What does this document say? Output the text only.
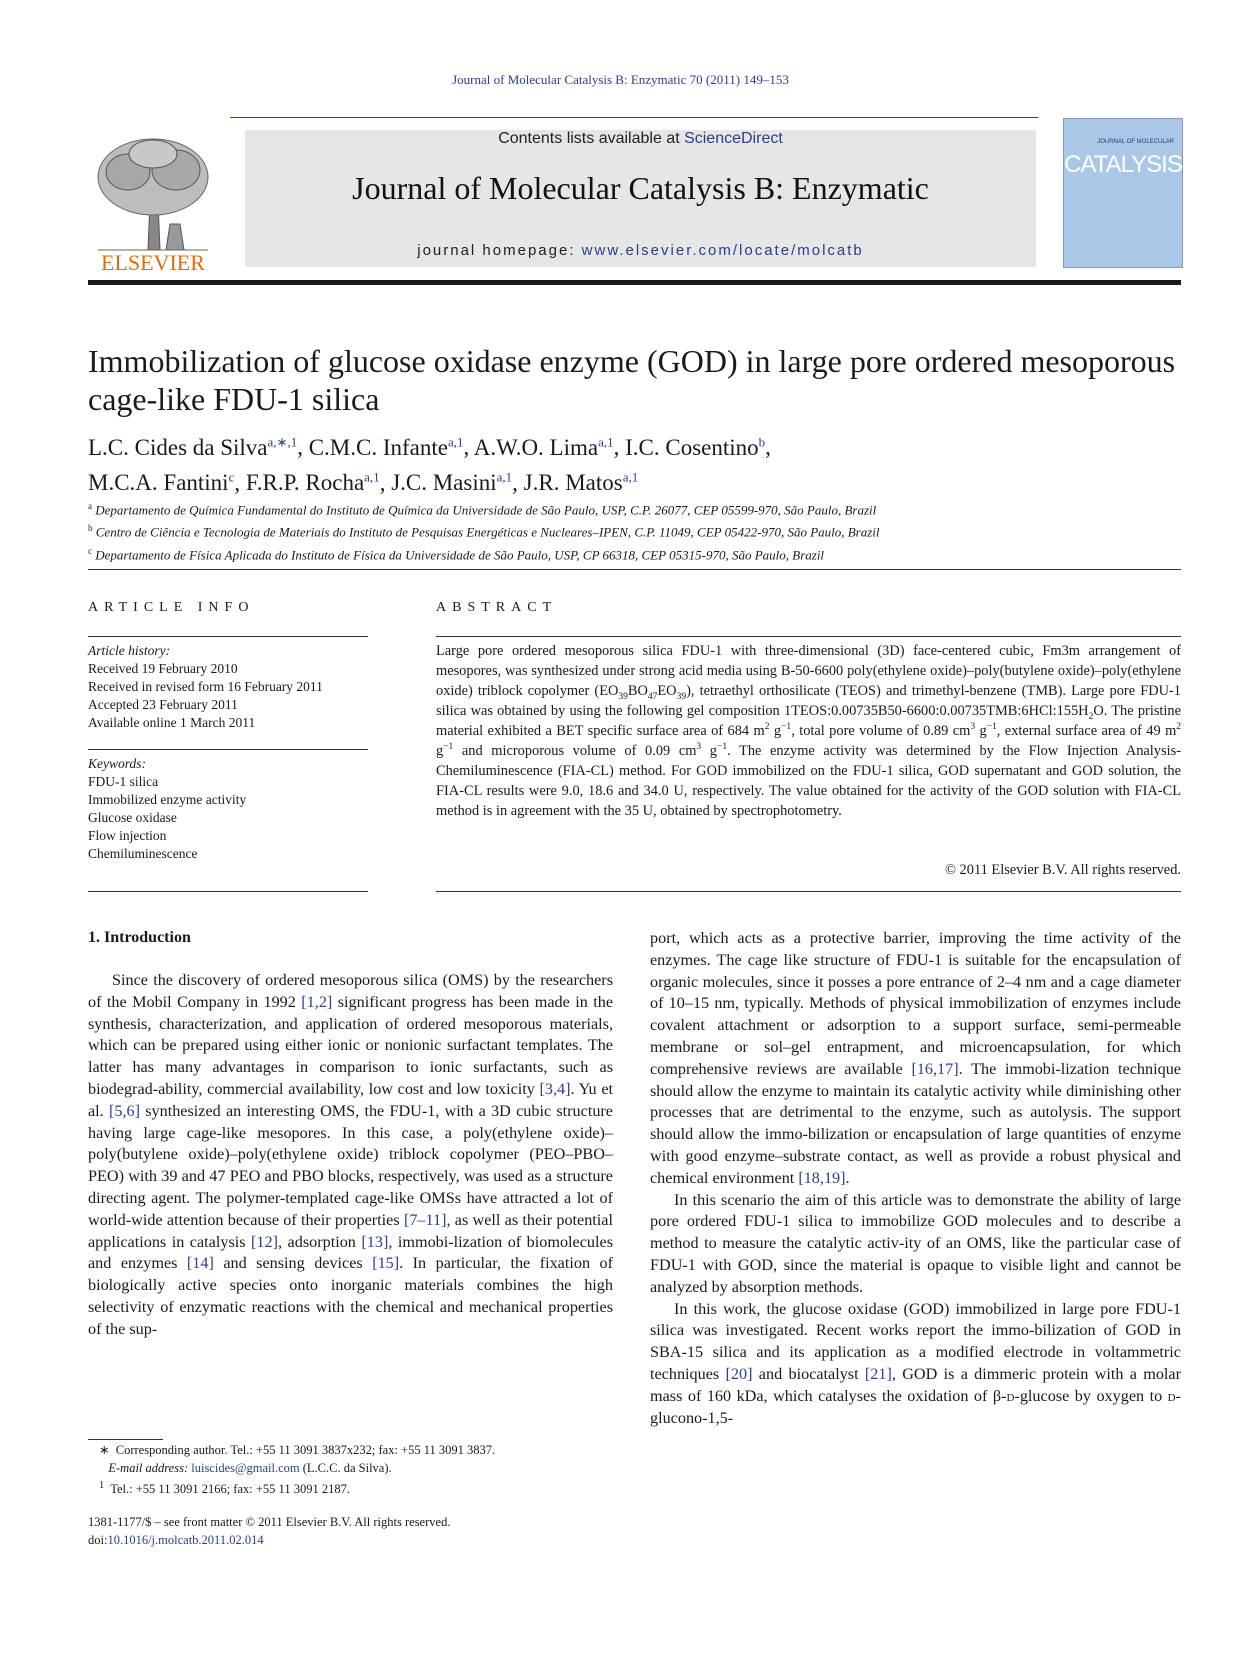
Journal of Molecular Catalysis B: Enzymatic 70 (2011) 149–153
ELSEVIER
Contents lists available at ScienceDirect
Journal of Molecular Catalysis B: Enzymatic
journal homepage: www.elsevier.com/locate/molcatb
JOURNAL OF MOLECULAR
CATALYSIS
Immobilization of glucose oxidase enzyme (GOD) in large pore ordered mesoporous cage-like FDU-1 silica
L.C. Cides da Silva$^{a,∗,1}$, C.M.C. Infante$^{a,1}$, A.W.O. Lima$^{a,1}$, I.C. Cosentino$^b$,
M.C.A. Fantini$^c$, F.R.P. Rocha$^{a,1}$, J.C. Masini$^{a,1}$, J.R. Matos$^{a,1}$
$^a$ Departamento de Química Fundamental do Instituto de Química da Universidade de São Paulo, USP, C.P. 26077, CEP 05599-970, São Paulo, Brazil
$^b$ Centro de Ciência e Tecnologia de Materiais do Instituto de Pesquisas Energéticas e Nucleares–IPEN, C.P. 11049, CEP 05422-970, São Paulo, Brazil
$^c$ Departamento de Física Aplicada do Instituto de Física da Universidade de São Paulo, USP, CP 66318, CEP 05315-970, São Paulo, Brazil
ARTICLE INFO	ABSTRACT
Article history:
Received 19 February 2010
Received in revised form 16 February 2011
Accepted 23 February 2011
Available online 1 March 2011
Keywords:
FDU-1 silica
Immobilized enzyme activity
Glucose oxidase
Flow injection
Chemiluminescence
Large pore ordered mesoporous silica FDU-1 with three-dimensional (3D) face-centered cubic, Fm3m arrangement of mesopores, was synthesized under strong acid media using B-50-6600 poly(ethylene oxide)–poly(butylene oxide)–poly(ethylene oxide) triblock copolymer $(EO_{39}BO_{47}EO_{39})$, tetraethyl orthosilicate (TEOS) and trimethyl-benzene (TMB). Large pore FDU-1 silica was obtained by using the following gel composition $1TEOS:0.00735B50-6600:0.00735TMB:6HCl:155H_2O$. The pristine material exhibited a BET specific surface area of 684 $m^2$ $g^{-1}$, total pore volume of 0.89 $cm^3$ $g^{-1}$, external surface area of 49 $m^2$ $g^{-1}$ and microporous volume of 0.09 $cm^3$ $g^{-1}$. The enzyme activity was determined by the Flow Injection Analysis-Chemiluminescence (FIA-CL) method. For GOD immobilized on the FDU-1 silica, GOD supernatant and GOD solution, the FIA-CL results were 9.0, 18.6 and 34.0 U, respectively. The value obtained for the activity of the GOD solution with FIA-CL method is in agreement with the 35 U, obtained by spectrophotometry.
© 2011 Elsevier B.V. All rights reserved.
1. Introduction

Since the discovery of ordered mesoporous silica (OMS) by the researchers of the Mobil Company in 1992 [1,2] significant progress has been made in the synthesis, characterization, and application of ordered mesoporous materials, which can be prepared using either ionic or nonionic surfactant templates. The latter has many advantages in comparison to ionic surfactants, such as biodegrad-ability, commercial availability, low cost and low toxicity [3,4]. Yu et al. [5,6] synthesized an interesting OMS, the FDU-1, with a 3D cubic structure having large cage-like mesopores. In this case, a poly(ethylene oxide)–poly(butylene oxide)–poly(ethylene oxide) triblock copolymer (PEO–PBO–PEO) with 39 and 47 PEO and PBO blocks, respectively, was used as a structure directing agent. The polymer-templated cage-like OMSs have attracted a lot of world-wide attention because of their properties [7–11], as well as their potential applications in catalysis [12], adsorption [13], immobi-lization of biomolecules and enzymes [14] and sensing devices [15]. In particular, the fixation of biologically active species onto inorganic materials combines the high selectivity of enzymatic reactions with the chemical and mechanical properties of the sup-

port, which acts as a protective barrier, improving the time activity of the enzymes. The cage like structure of FDU-1 is suitable for the encapsulation of organic molecules, since it posses a pore entrance of 2–4 nm and a cage diameter of 10–15 nm, typically. Methods of physical immobilization of enzymes include covalent attachment or adsorption to a support surface, semi-permeable membrane or sol–gel entrapment, and microencapsulation, for which comprehensive reviews are available [16,17]. The immobi-lization technique should allow the enzyme to maintain its catalytic activity while diminishing other processes that are detrimental to the enzyme, such as autolysis. The support should allow the immo-bilization or encapsulation of large quantities of enzyme with good enzyme–substrate contact, as well as provide a robust physical and chemical environment [18,19].

In this scenario the aim of this article was to demonstrate the ability of large pore ordered FDU-1 silica to immobilize GOD molecules and to describe a method to measure the catalytic activ-ity of an OMS, like the particular case of FDU-1 with GOD, since the material is opaque to visible light and cannot be analyzed by absorption methods.

In this work, the glucose oxidase (GOD) immobilized in large pore FDU-1 silica was investigated. Recent works report the immo-bilization of GOD in SBA-15 silica and its application as a modified electrode in voltammetric techniques [20] and biocatalyst [21], GOD is a dimmeric protein with a molar mass of 160 kDa, which catalyses the oxidation of β-d-glucose by oxygen to d-glucono-1,5-

∗ Corresponding author. Tel.: +55 11 3091 3837x232; fax: +55 11 3091 3837.
E-mail address: luiscides@gmail.com (L.C.C. da Silva).
$^1$ Tel.: +55 11 3091 2166; fax: +55 11 3091 2187.
1381-1177/$ – see front matter © 2011 Elsevier B.V. All rights reserved.
doi:10.1016/j.molcatb.2011.02.014
